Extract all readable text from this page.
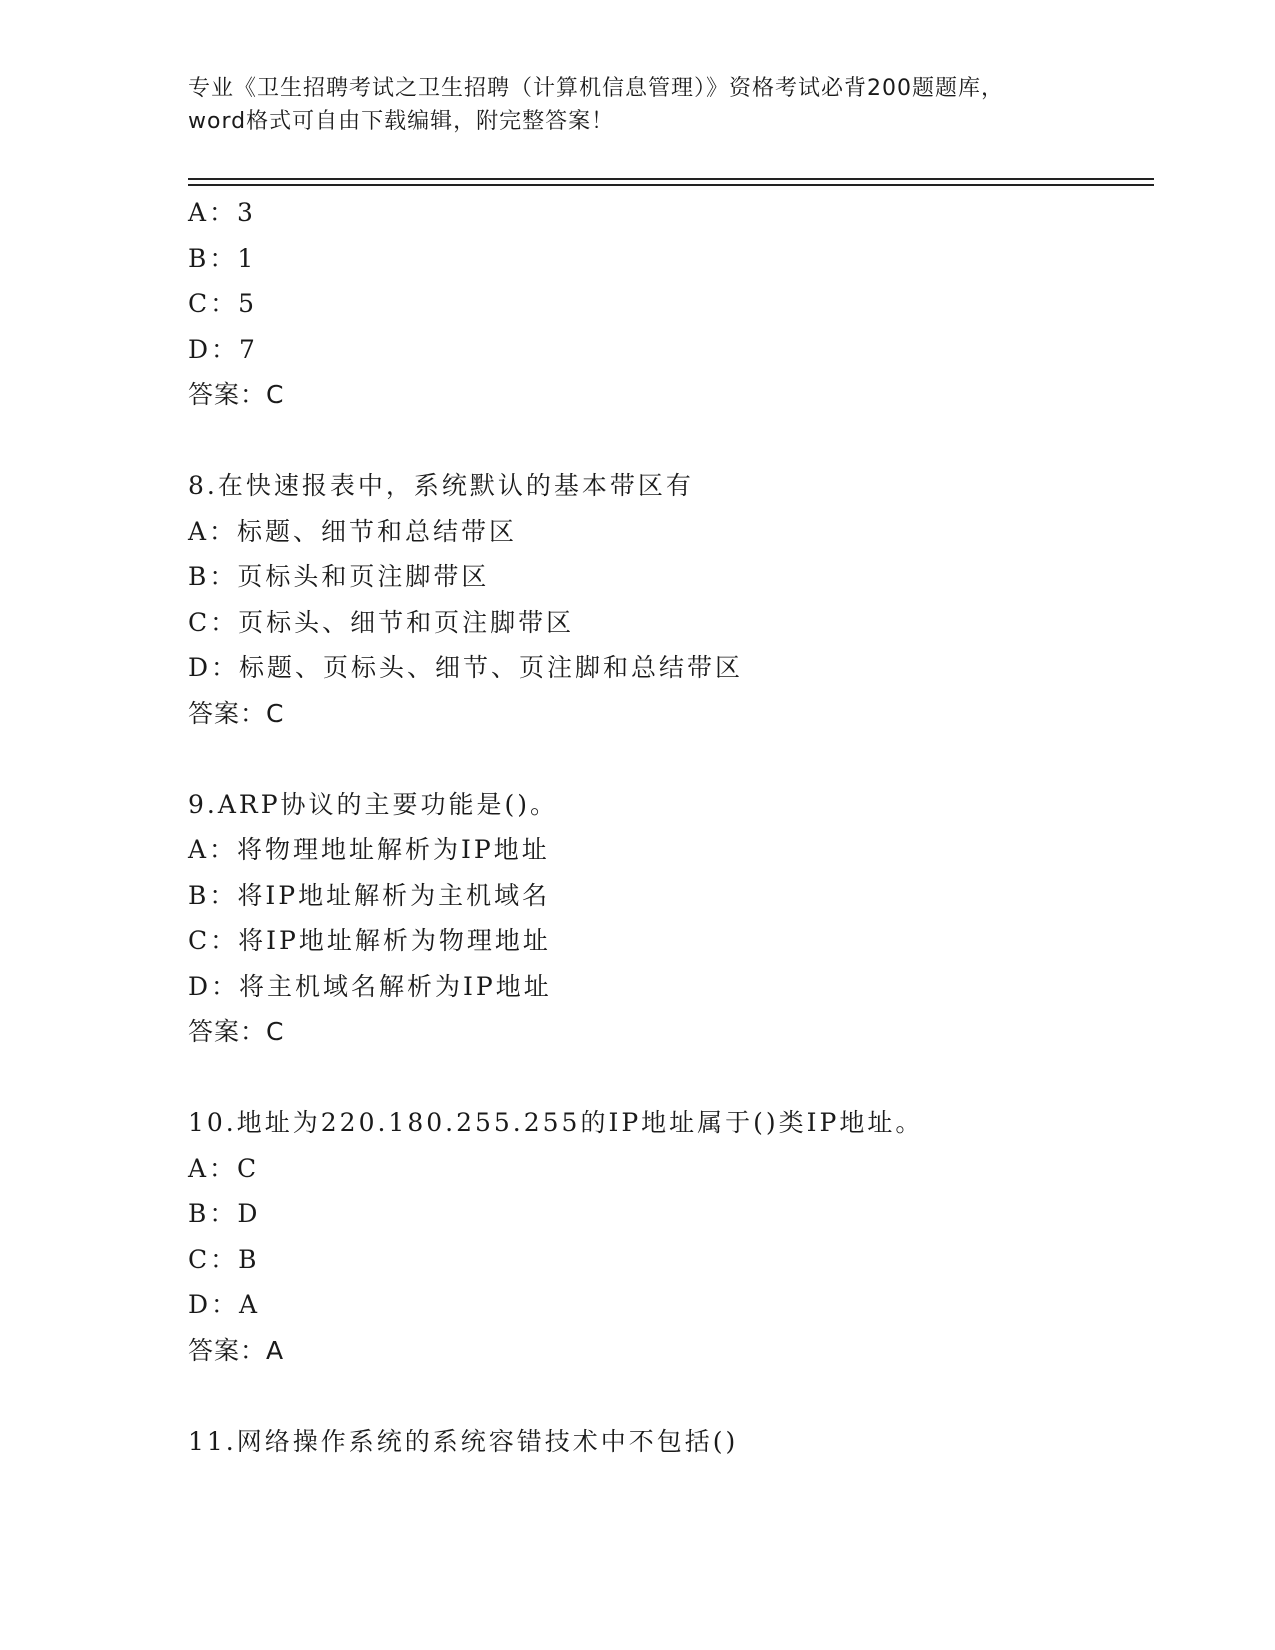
专业《卫生招聘考试之卫生招聘（计算机信息管理）》资格考试必背200题题库，
word格式可自由下载编辑，附完整答案！
A：3
B：1
C：5
D：7
答案：C
8.在快速报表中，系统默认的基本带区有
A：标题、细节和总结带区
B：页标头和页注脚带区
C：页标头、细节和页注脚带区
D：标题、页标头、细节、页注脚和总结带区
答案：C
9.ARP协议的主要功能是()。
A：将物理地址解析为IP地址
B：将IP地址解析为主机域名
C：将IP地址解析为物理地址
D：将主机域名解析为IP地址
答案：C
10.地址为220.180.255.255的IP地址属于()类IP地址。
A：C
B：D
C：B
D：A
答案：A
11.网络操作系统的系统容错技术中不包括()
